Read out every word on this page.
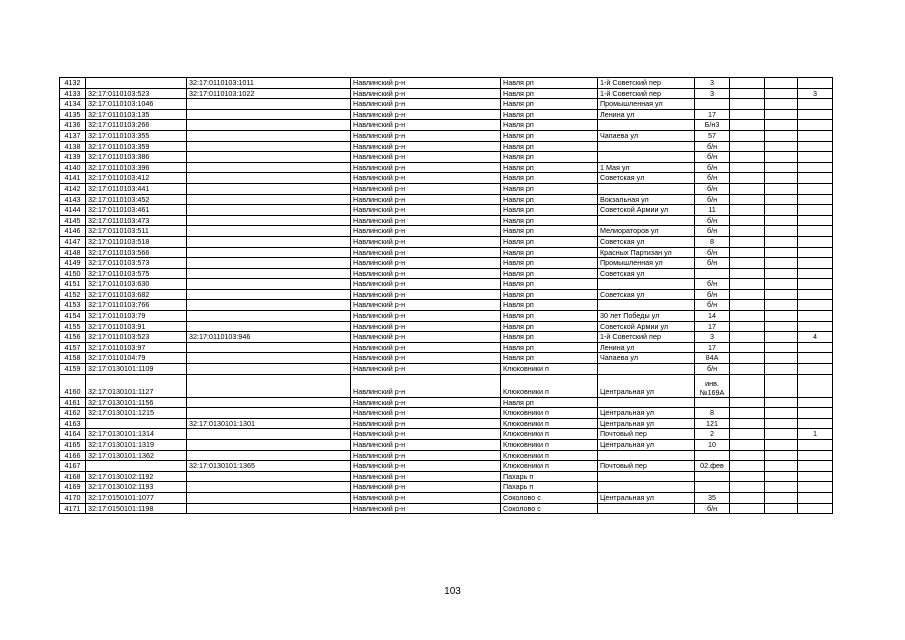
4132		32:17:0110103:1011	Навлинский р-н	Навля рп	1-й Советский пер	3			
4133	32:17:0110103:523	32:17:0110103:1022	Навлинский р-н	Навля рп	1-й Советский пер	3			3
4134	32:17:0110103:1046		Навлинский р-н	Навля рп	Промышленная ул				
4135	32:17:0110103:135		Навлинский р-н	Навля рп	Ленина ул	17			
4136	32:17:0110103:266		Навлинский р-н	Навля рп		Б/н3			
4137	32:17:0110103:355		Навлинский р-н	Навля рп	Чапаева ул	57			
4138	32:17:0110103:359		Навлинский р-н	Навля рп		б/н			
4139	32:17:0110103:386		Навлинский р-н	Навля рп		б/н			
4140	32:17:0110103:396		Навлинский р-н	Навля рп	1 Мая ул	б/н			
4141	32:17:0110103:412		Навлинский р-н	Навля рп	Советская ул	б/н			
4142	32:17:0110103:441		Навлинский р-н	Навля рп		б/н			
4143	32:17:0110103:452		Навлинский р-н	Навля рп	Вокзальная ул	б/н			
4144	32:17:0110103:461		Навлинский р-н	Навля рп	Советской Армии ул	11			
4145	32:17:0110103:473		Навлинский р-н	Навля рп		б/н			
4146	32:17:0110103:511		Навлинский р-н	Навля рп	Мелиораторов ул	б/н			
4147	32:17:0110103:518		Навлинский р-н	Навля рп	Советская ул	8			
4148	32:17:0110103:566		Навлинский р-н	Навля рп	Красных Партизан ул	б/н			
4149	32:17:0110103:573		Навлинский р-н	Навля рп	Промышленная ул	б/н			
4150	32:17:0110103:575		Навлинский р-н	Навля рп	Советская ул				
4151	32:17:0110103:630		Навлинский р-н	Навля рп		б/н			
4152	32:17:0110103:682		Навлинский р-н	Навля рп	Советская ул	б/н			
4153	32:17:0110103:766		Навлинский р-н	Навля рп		б/н			
4154	32:17:0110103:79		Навлинский р-н	Навля рп	30 лет Победы ул	14			
4155	32:17:0110103:91		Навлинский р-н	Навля рп	Советской Армии ул	17			
4156	32:17:0110103:523	32:17:0110103:946	Навлинский р-н	Навля рп	1-й Советский пер	3			4
4157	32:17:0110103:97		Навлинский р-н	Навля рп	Ленина ул	17			
4158	32:17:0110104:79		Навлинский р-н	Навля рп	Чапаева ул	84А			
4159	32:17:0130101:1109		Навлинский р-н	Клюковники п		б/н			
4160	32:17:0130101:1127		Навлинский р-н	Клюковники п	Центральная ул	инв. №169А			
4161	32:17:0130101:1156		Навлинский р-н	Навля рп					
4162	32:17:0130101:1215		Навлинский р-н	Клюковники п	Центральная ул	8			
4163		32:17:0130101:1301	Навлинский р-н	Клюковники п	Центральная ул	121			
4164	32:17:0130101:1314		Навлинский р-н	Клюковники п	Почтовый пер	2			1
4165	32:17:0130101:1319		Навлинский р-н	Клюковники п	Центральная ул	10			
4166	32:17:0130101:1362		Навлинский р-н	Клюковники п					
4167		32:17:0130101:1365	Навлинский р-н	Клюковники п	Почтовый пер	02.фев			
4168	32:17:0130102:1192		Навлинский р-н	Пахарь п					
4169	32:17:0130102:1193		Навлинский р-н	Пахарь п					
4170	32:17:0150101:1077		Навлинский р-н	Соколово с	Центральная ул	35			
4171	32:17:0150101:1198		Навлинский р-н	Соколово с		б/н			
103
